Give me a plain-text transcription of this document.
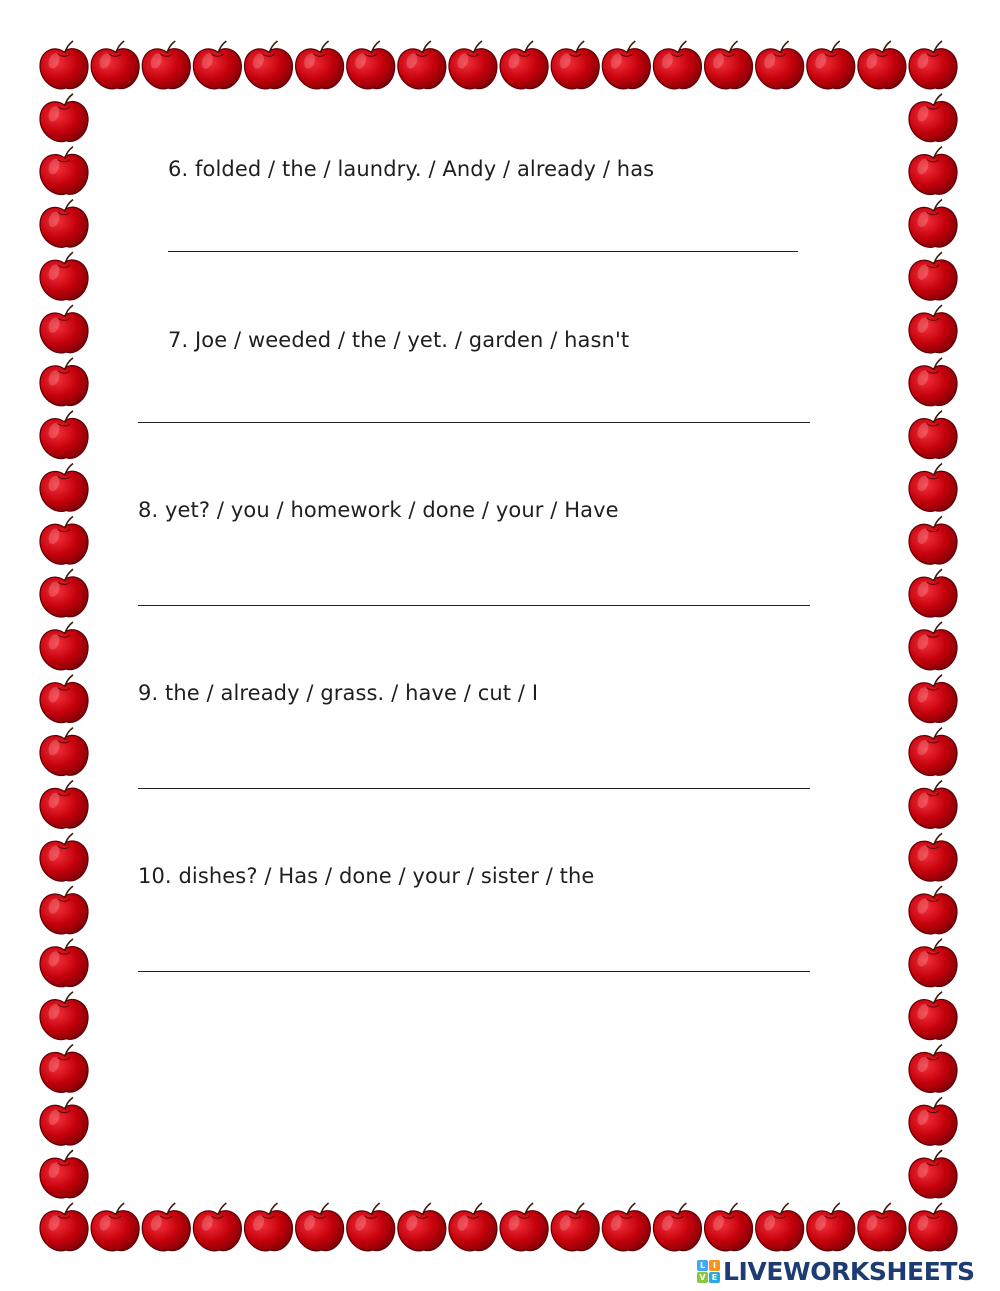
6. folded / the / laundry. / Andy / already / has
7. Joe / weeded / the / yet. / garden / hasn't
8. yet? / you / homework / done / your / Have
9. the / already / grass. / have / cut / I
10. dishes? / Has / done / your / sister / the
L I
V E LIVEWORKSHEETS
